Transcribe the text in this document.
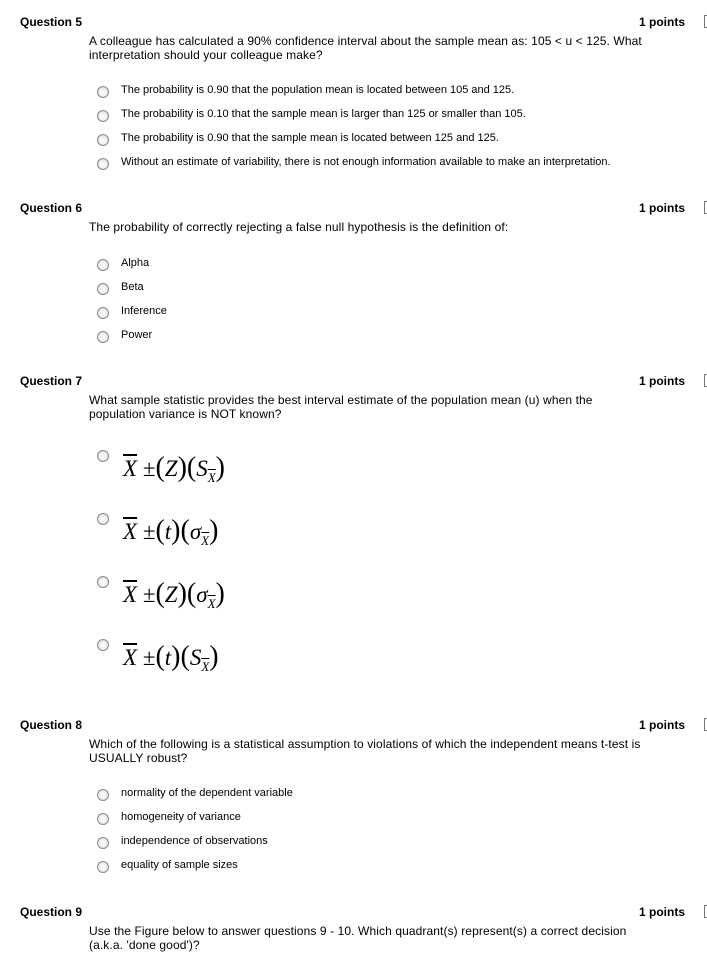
Question 5	1 points
A colleague has calculated a 90% confidence interval about the sample mean as: 105 < u < 125. What interpretation should your colleague make?
The probability is 0.90 that the population mean is located between 105 and 125.
The probability is 0.10 that the sample mean is larger than 125 or smaller than 105.
The probability is 0.90 that the sample mean is located between 125 and 125.
Without an estimate of variability, there is not enough information available to make an interpretation.
Question 6	1 points
The probability of correctly rejecting a false null hypothesis is the definition of:
Alpha
Beta
Inference
Power
Question 7	1 points
What sample statistic provides the best interval estimate of the population mean (u) when the population variance is NOT known?
$\overline{X} \pm(Z)(S_{\overline{X}})$
$\overline{X} \pm(t)(\sigma_{\overline{X}})$
$\overline{X} \pm(Z)(\sigma_{\overline{X}})$
$\overline{X} \pm(t)(S_{\overline{X}})$
Question 8	1 points
Which of the following is a statistical assumption to violations of which the independent means t-test is USUALLY robust?
normality of the dependent variable
homogeneity of variance
independence of observations
equality of sample sizes
Question 9	1 points
Use the Figure below to answer questions 9 - 10. Which quadrant(s) represent(s) a correct decision (a.k.a. 'done good')?
